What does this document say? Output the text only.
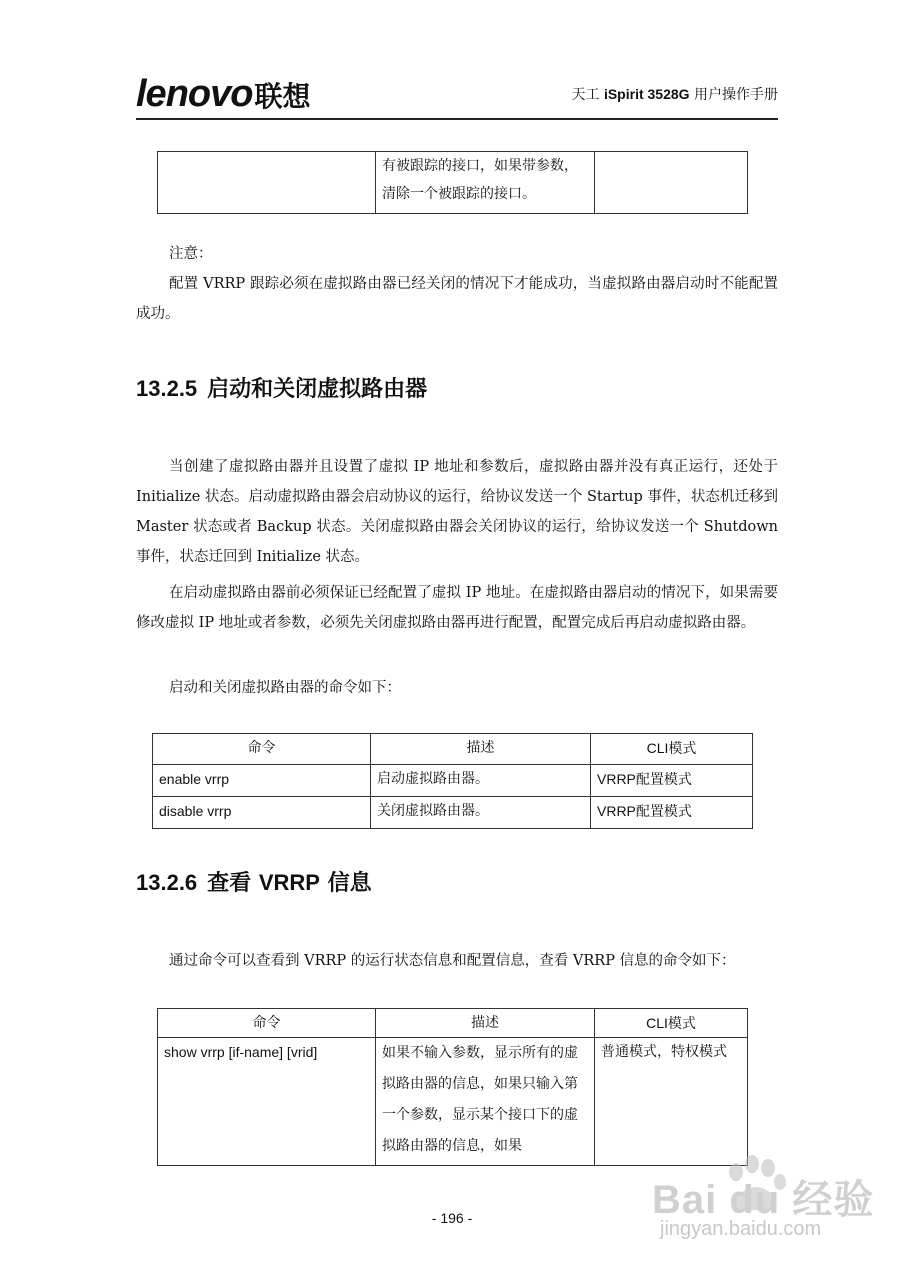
lenovo联想	天工 iSpirit 3528G 用户操作手册
	有被跟踪的接口，如果带参数，清除一个被跟踪的接口。	

注意：

配置 VRRP 跟踪必须在虚拟路由器已经关闭的情况下才能成功，当虚拟路由器启动时不能配置成功。

13.2.5 启动和关闭虚拟路由器

当创建了虚拟路由器并且设置了虚拟 IP 地址和参数后，虚拟路由器并没有真正运行，还处于 Initialize 状态。启动虚拟路由器会启动协议的运行，给协议发送一个 Startup 事件，状态机迁移到 Master 状态或者 Backup 状态。关闭虚拟路由器会关闭协议的运行，给协议发送一个 Shutdown 事件，状态迁回到 Initialize 状态。

在启动虚拟路由器前必须保证已经配置了虚拟 IP 地址。在虚拟路由器启动的情况下，如果需要修改虚拟 IP 地址或者参数，必须先关闭虚拟路由器再进行配置，配置完成后再启动虚拟路由器。

启动和关闭虚拟路由器的命令如下：

命令	描述	CLI模式
enable vrrp	启动虚拟路由器。	VRRP配置模式
disable vrrp	关闭虚拟路由器。	VRRP配置模式
13.2.6 查看 VRRP 信息

通过命令可以查看到 VRRP 的运行状态信息和配置信息，查看 VRRP 信息的命令如下：

命令	描述	CLI模式
show vrrp [if-name] [vrid]	如果不输入参数，显示所有的虚拟路由器的信息，如果只输入第一个参数，显示某个接口下的虚拟路由器的信息，如果	普通模式，特权模式
- 196 -	Bai du 经验
jingyan.baidu.com
